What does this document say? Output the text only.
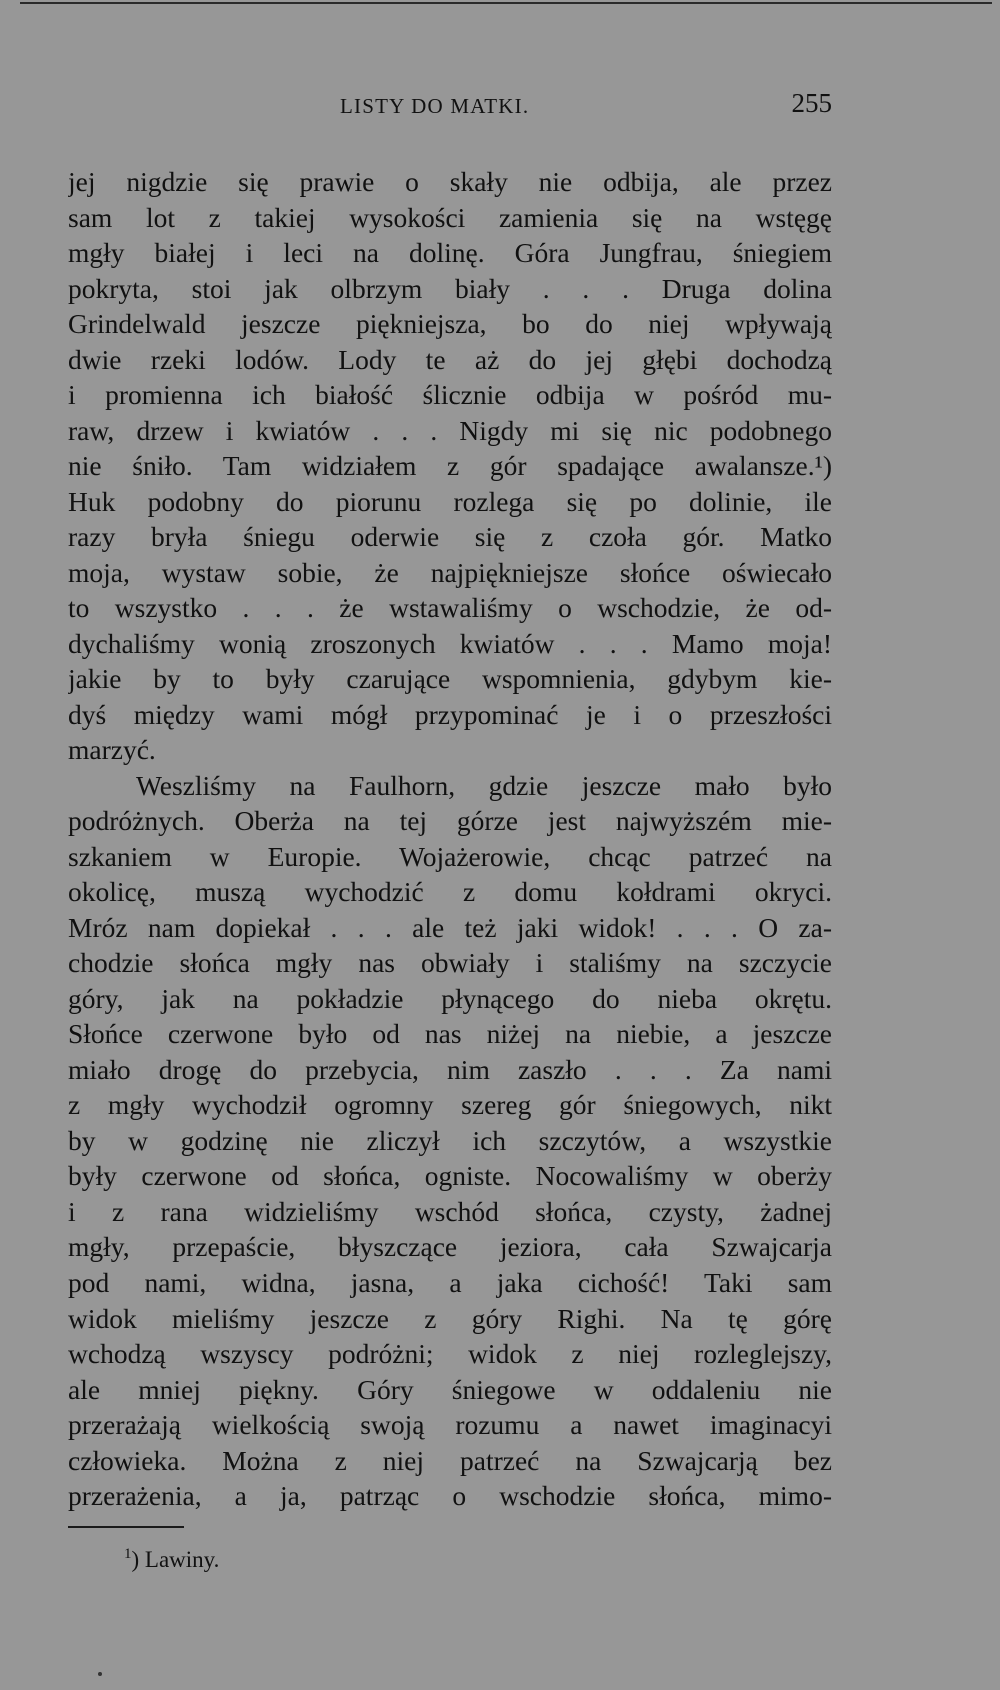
LISTY DO MATKI.	255
jej nigdzie się prawie o skały nie odbija, ale przez
sam lot z takiej wysokości zamienia się na wstęgę
mgły białej i leci na dolinę. Góra Jungfrau, śniegiem
pokryta, stoi jak olbrzym biały . . . Druga dolina
Grindelwald jeszcze piękniejsza, bo do niej wpływają
dwie rzeki lodów. Lody te aż do jej głębi dochodzą
i promienna ich białość ślicznie odbija w pośród mu-
raw, drzew i kwiatów . . . Nigdy mi się nic podobnego
nie śniło. Tam widziałem z gór spadające awalansze.¹)
Huk podobny do piorunu rozlega się po dolinie, ile
razy bryła śniegu oderwie się z czoła gór. Matko
moja, wystaw sobie, że najpiękniejsze słońce oświecało
to wszystko . . . że wstawaliśmy o wschodzie, że od-
dychaliśmy wonią zroszonych kwiatów . . . Mamo moja!
jakie by to były czarujące wspomnienia, gdybym kie-
dyś między wami mógł przypominać je i o przeszłości
marzyć.
Weszliśmy na Faulhorn, gdzie jeszcze mało było
podróżnych. Oberża na tej górze jest najwyższém mie-
szkaniem w Europie. Wojażerowie, chcąc patrzeć na
okolicę, muszą wychodzić z domu kołdrami okryci.
Mróz nam dopiekał . . . ale też jaki widok! . . . O za-
chodzie słońca mgły nas obwiały i staliśmy na szczycie
góry, jak na pokładzie płynącego do nieba okrętu.
Słońce czerwone było od nas niżej na niebie, a jeszcze
miało drogę do przebycia, nim zaszło . . . Za nami
z mgły wychodził ogromny szereg gór śniegowych, nikt
by w godzinę nie zliczył ich szczytów, a wszystkie
były czerwone od słońca, ogniste. Nocowaliśmy w oberży
i z rana widzieliśmy wschód słońca, czysty, żadnej
mgły, przepaście, błyszczące jeziora, cała Szwajcarja
pod nami, widna, jasna, a jaka cichość! Taki sam
widok mieliśmy jeszcze z góry Righi. Na tę górę
wchodzą wszyscy podróżni; widok z niej rozleglejszy,
ale mniej piękny. Góry śniegowe w oddaleniu nie
przerażają wielkością swoją rozumu a nawet imaginacyi
człowieka. Można z niej patrzeć na Szwajcarją bez
przerażenia, a ja, patrząc o wschodzie słońca, mimo-
$^1$) Lawiny.
